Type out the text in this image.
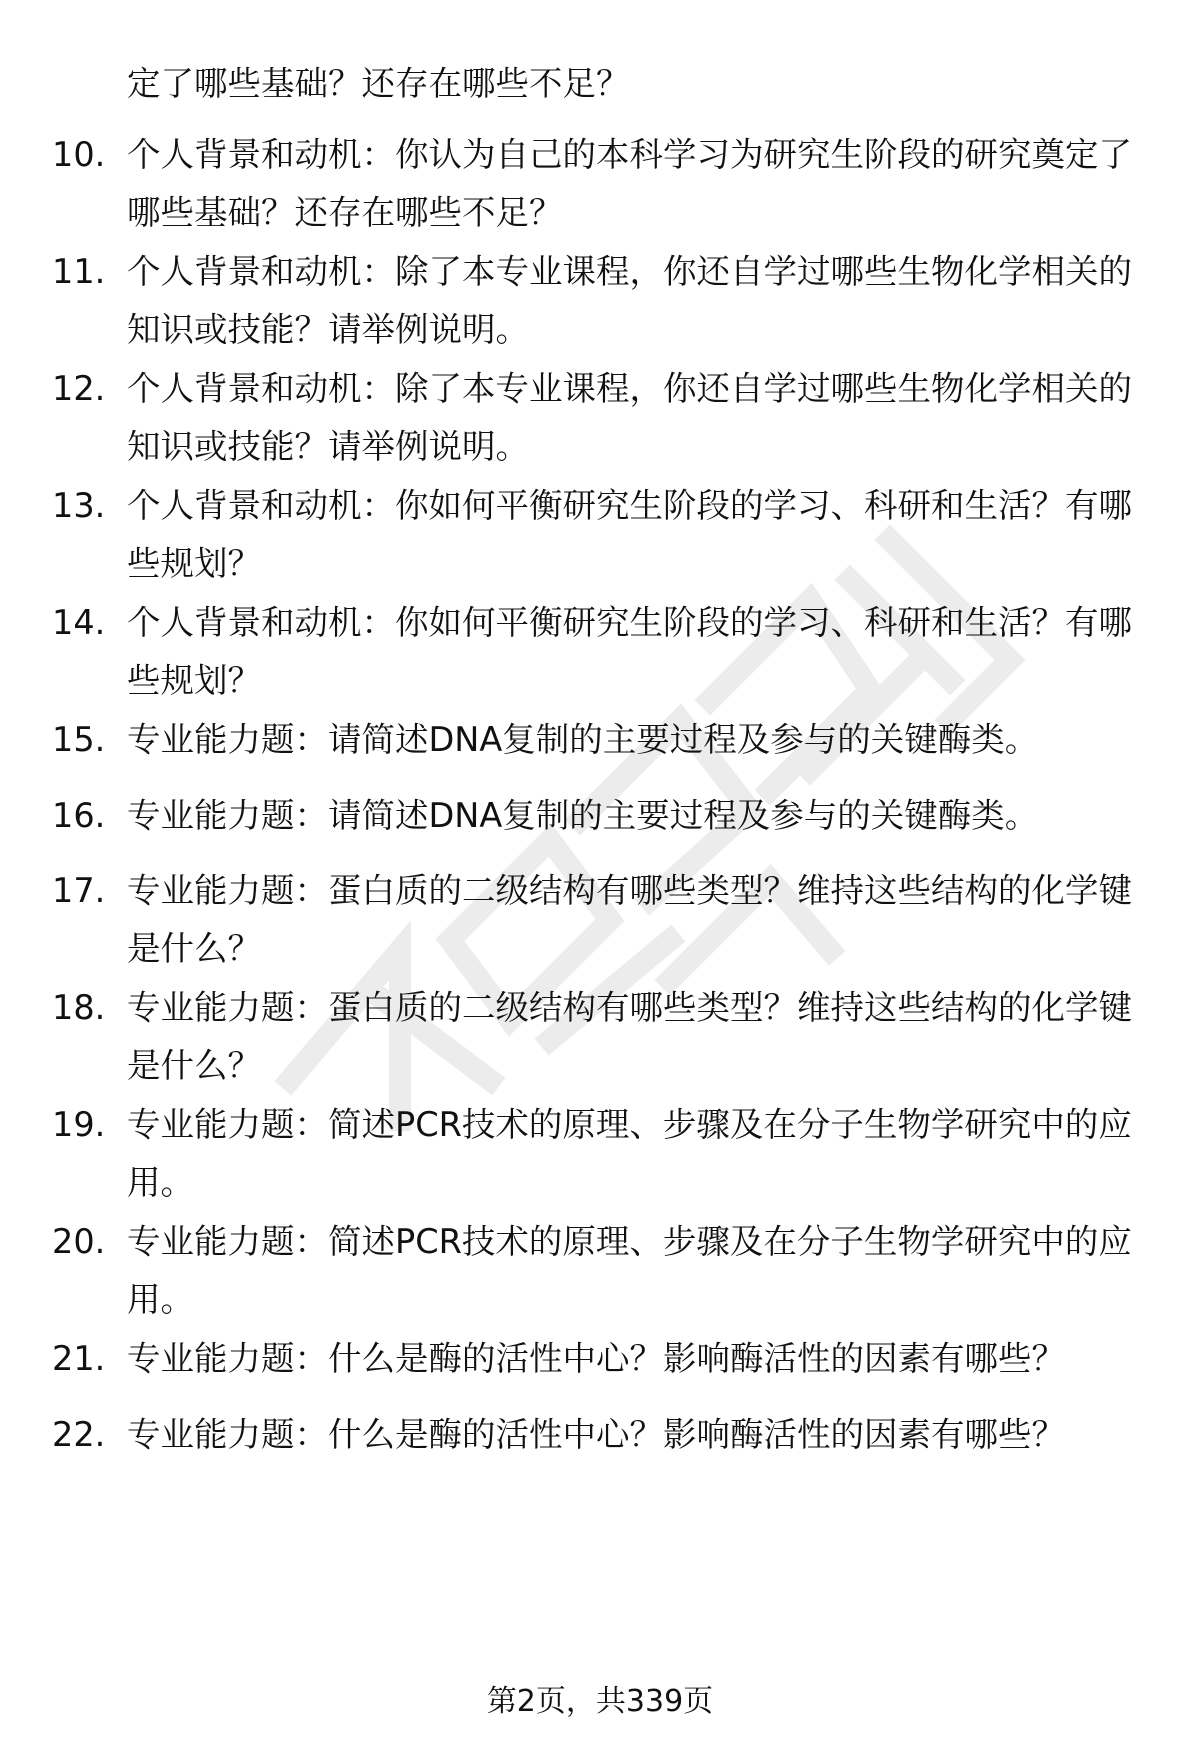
定了哪些基础？还存在哪些不足？
10. 个人背景和动机：你认为自己的本科学习为研究生阶段的研究奠定了哪些基础？还存在哪些不足？
11. 个人背景和动机：除了本专业课程，你还自学过哪些生物化学相关的知识或技能？请举例说明。
12. 个人背景和动机：除了本专业课程，你还自学过哪些生物化学相关的知识或技能？请举例说明。
13. 个人背景和动机：你如何平衡研究生阶段的学习、科研和生活？有哪些规划？
14. 个人背景和动机：你如何平衡研究生阶段的学习、科研和生活？有哪些规划？
15. 专业能力题：请简述DNA复制的主要过程及参与的关键酶类。
16. 专业能力题：请简述DNA复制的主要过程及参与的关键酶类。
17. 专业能力题：蛋白质的二级结构有哪些类型？维持这些结构的化学键是什么？
18. 专业能力题：蛋白质的二级结构有哪些类型？维持这些结构的化学键是什么？
19. 专业能力题：简述PCR技术的原理、步骤及在分子生物学研究中的应用。
20. 专业能力题：简述PCR技术的原理、步骤及在分子生物学研究中的应用。
21. 专业能力题：什么是酶的活性中心？影响酶活性的因素有哪些？
22. 专业能力题：什么是酶的活性中心？影响酶活性的因素有哪些？
第2页，共339页
